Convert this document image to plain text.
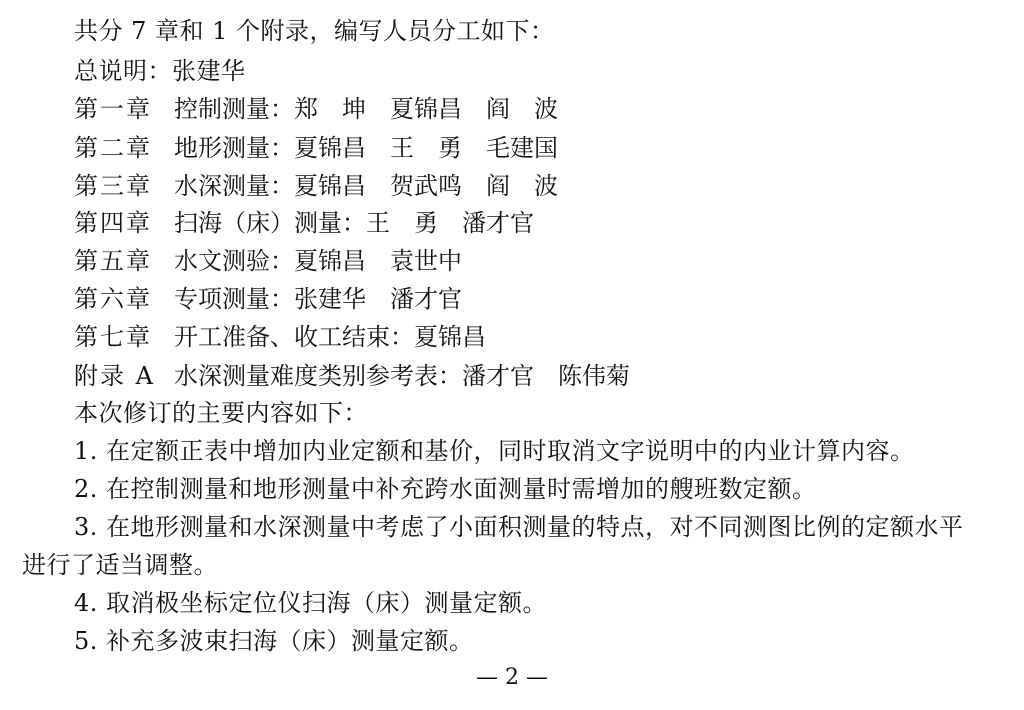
共分 7 章和 1 个附录，编写人员分工如下：
总说明：张建华
第一章 控制测量：郑　坤　夏锦昌　阎　波
第二章 地形测量：夏锦昌　王　勇　毛建国
第三章 水深测量：夏锦昌　贺武鸣　阎　波
第四章 扫海（床）测量：王　勇　潘才官
第五章 水文测验：夏锦昌　袁世中
第六章 专项测量：张建华　潘才官
第七章 开工准备、收工结束：夏锦昌
附录 A 水深测量难度类别参考表：潘才官　陈伟菊
本次修订的主要内容如下：
1. 在定额正表中增加内业定额和基价，同时取消文字说明中的内业计算内容。
2. 在控制测量和地形测量中补充跨水面测量时需增加的艘班数定额。
3. 在地形测量和水深测量中考虑了小面积测量的特点，对不同测图比例的定额水平
进行了适当调整。
4. 取消极坐标定位仪扫海（床）测量定额。
5. 补充多波束扫海（床）测量定额。
— 2 —
